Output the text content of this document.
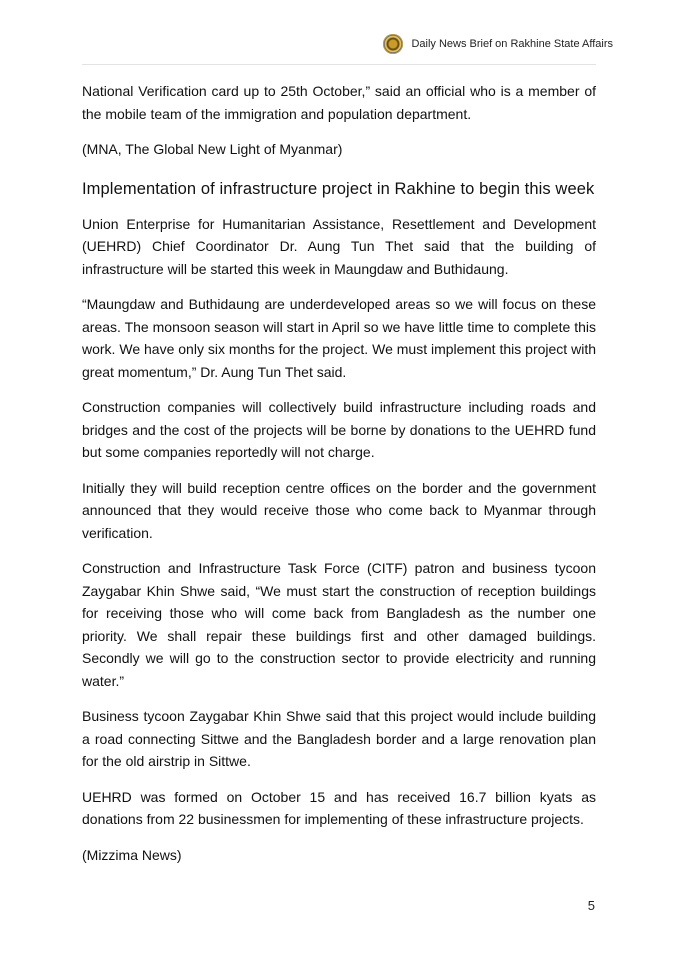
Daily News Brief on Rakhine State Affairs

National Verification card up to 25th October,” said an official who is a member of the mobile team of the immigration and population department.

(MNA, The Global New Light of Myanmar)

Implementation of infrastructure project in Rakhine to begin this week

Union Enterprise for Humanitarian Assistance, Resettlement and Development (UEHRD) Chief Coordinator Dr. Aung Tun Thet said that the building of infrastructure will be started this week in Maungdaw and Buthidaung.

“Maungdaw and Buthidaung are underdeveloped areas so we will focus on these areas. The monsoon season will start in April so we have little time to complete this work. We have only six months for the project. We must implement this project with great momentum,” Dr. Aung Tun Thet said.

Construction companies will collectively build infrastructure including roads and bridges and the cost of the projects will be borne by donations to the UEHRD fund but some companies reportedly will not charge.

Initially they will build reception centre offices on the border and the government announced that they would receive those who come back to Myanmar through verification.

Construction and Infrastructure Task Force (CITF) patron and business tycoon Zaygabar Khin Shwe said, “We must start the construction of reception buildings for receiving those who will come back from Bangladesh as the number one priority. We shall repair these buildings first and other damaged buildings. Secondly we will go to the construction sector to provide electricity and running water.”

Business tycoon Zaygabar Khin Shwe said that this project would include building a road connecting Sittwe and the Bangladesh border and a large renovation plan for the old airstrip in Sittwe.

UEHRD was formed on October 15 and has received 16.7 billion kyats as donations from 22 businessmen for implementing of these infrastructure projects.

(Mizzima News)

5
